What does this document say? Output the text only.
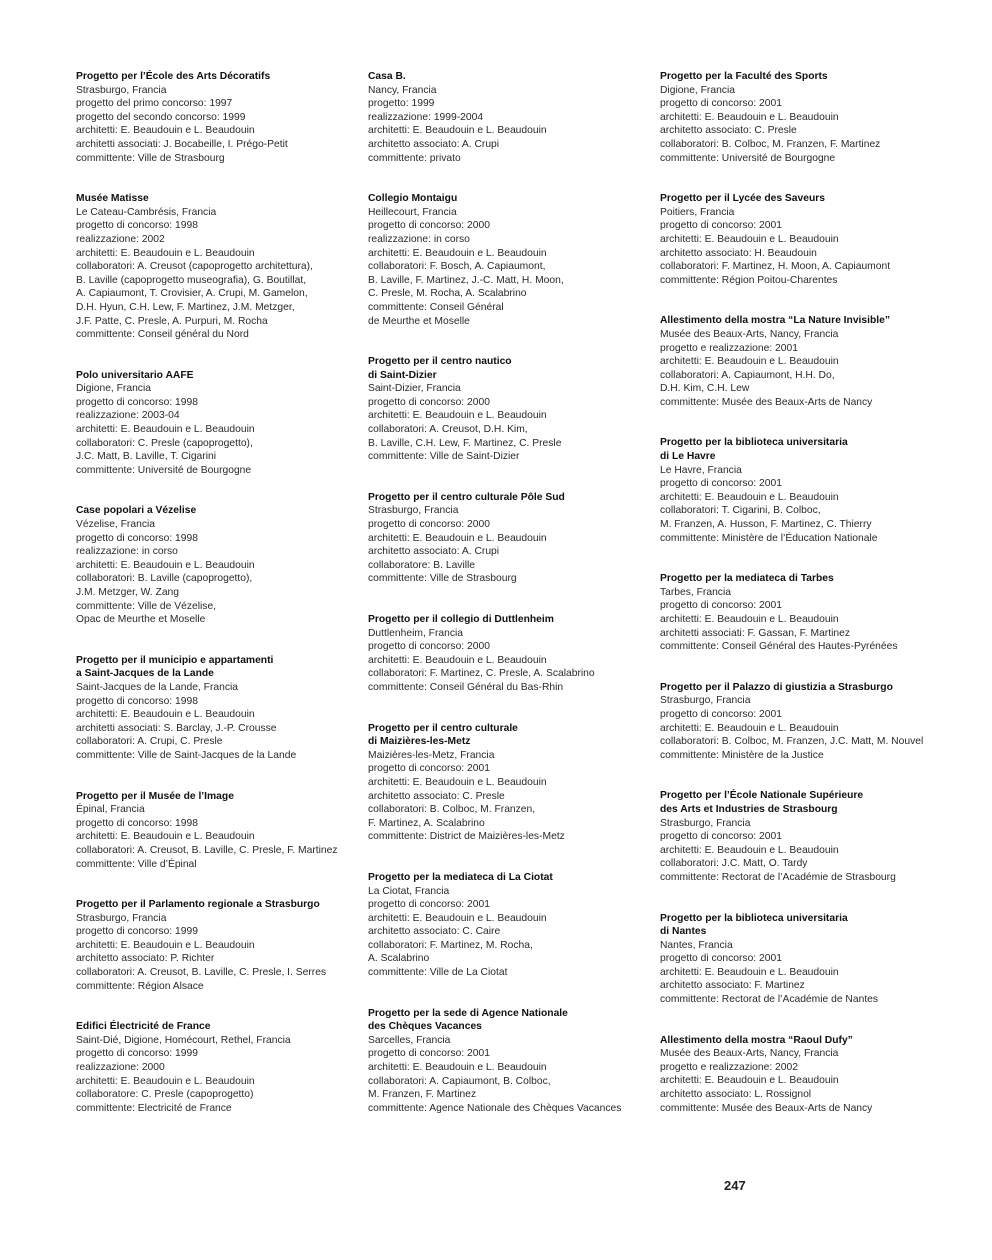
Progetto per l’École des Arts Décoratifs
Strasburgo, Francia
progetto del primo concorso: 1997
progetto del secondo concorso: 1999
architetti: E. Beaudouin e L. Beaudouin
architetti associati: J. Bocabeille, I. Prégo-Petit
committente: Ville de Strasbourg
Musée Matisse
Le Cateau-Cambrésis, Francia
progetto di concorso: 1998
realizzazione: 2002
architetti: E. Beaudouin e L. Beaudouin
collaboratori: A. Creusot (capoprogetto architettura),
B. Laville (capoprogetto museografia), G. Boutillat,
A. Capiaumont, T. Crovisier, A. Crupi, M. Gamelon,
D.H. Hyun, C.H. Lew, F. Martinez, J.M. Metzger,
J.F. Patte, C. Presle, A. Purpuri, M. Rocha
committente: Conseil général du Nord
Polo universitario AAFE
Digione, Francia
progetto di concorso: 1998
realizzazione: 2003-04
architetti: E. Beaudouin e L. Beaudouin
collaboratori: C. Presle (capoprogetto),
J.C. Matt, B. Laville, T. Cigarini
committente: Université de Bourgogne
Case popolari a Vézelise
Vézelise, Francia
progetto di concorso: 1998
realizzazione: in corso
architetti: E. Beaudouin e L. Beaudouin
collaboratori: B. Laville (capoprogetto),
J.M. Metzger, W. Zang
committente: Ville de Vézelise,
Opac de Meurthe et Moselle
Progetto per il municipio e appartamenti
a Saint-Jacques de la Lande
Saint-Jacques de la Lande, Francia
progetto di concorso: 1998
architetti: E. Beaudouin e L. Beaudouin
architetti associati: S. Barclay, J.-P. Crousse
collaboratori: A. Crupi, C. Presle
committente: Ville de Saint-Jacques de la Lande
Progetto per il Musée de l’Image
Épinal, Francia
progetto di concorso: 1998
architetti: E. Beaudouin e L. Beaudouin
collaboratori: A. Creusot, B. Laville, C. Presle, F. Martinez
committente: Ville d’Épinal
Progetto per il Parlamento regionale a Strasburgo
Strasburgo, Francia
progetto di concorso: 1999
architetti: E. Beaudouin e L. Beaudouin
architetto associato: P. Richter
collaboratori: A. Creusot, B. Laville, C. Presle, I. Serres
committente: Région Alsace
Edifici Électricité de France
Saint-Dié, Digione, Homécourt, Rethel, Francia
progetto di concorso: 1999
realizzazione: 2000
architetti: E. Beaudouin e L. Beaudouin
collaboratore: C. Presle (capoprogetto)
committente: Electricité de France
Casa B.
Nancy, Francia
progetto: 1999
realizzazione: 1999-2004
architetti: E. Beaudouin e L. Beaudouin
architetto associato: A. Crupi
committente: privato
Collegio Montaigu
Heillecourt, Francia
progetto di concorso: 2000
realizzazione: in corso
architetti: E. Beaudouin e L. Beaudouin
collaboratori: F. Bosch, A. Capiaumont,
B. Laville, F. Martinez, J.-C. Matt, H. Moon,
C. Presle, M. Rocha, A. Scalabrino
committente: Conseil Général
de Meurthe et Moselle
Progetto per il centro nautico
di Saint-Dizier
Saint-Dizier, Francia
progetto di concorso: 2000
architetti: E. Beaudouin e L. Beaudouin
collaboratori: A. Creusot, D.H. Kim,
B. Laville, C.H. Lew, F. Martinez, C. Presle
committente: Ville de Saint-Dizier
Progetto per il centro culturale Pôle Sud
Strasburgo, Francia
progetto di concorso: 2000
architetti: E. Beaudouin e L. Beaudouin
architetto associato: A. Crupi
collaboratore: B. Laville
committente: Ville de Strasbourg
Progetto per il collegio di Duttlenheim
Duttlenheim, Francia
progetto di concorso: 2000
architetti: E. Beaudouin e L. Beaudouin
collaboratori: F. Martinez, C. Presle, A. Scalabrino
committente: Conseil Général du Bas-Rhin
Progetto per il centro culturale
di Maizières-les-Metz
Maizières-les-Metz, Francia
progetto di concorso: 2001
architetti: E. Beaudouin e L. Beaudouin
architetto associato: C. Presle
collaboratori: B. Colboc, M. Franzen,
F. Martinez, A. Scalabrino
committente: District de Maizières-les-Metz
Progetto per la mediateca di La Ciotat
La Ciotat, Francia
progetto di concorso: 2001
architetti: E. Beaudouin e L. Beaudouin
architetto associato: C. Caire
collaboratori: F. Martinez, M. Rocha,
A. Scalabrino
committente: Ville de La Ciotat
Progetto per la sede di Agence Nationale
des Chèques Vacances
Sarcelles, Francia
progetto di concorso: 2001
architetti: E. Beaudouin e L. Beaudouin
collaboratori: A. Capiaumont, B. Colboc,
M. Franzen, F. Martinez
committente: Agence Nationale des Chèques Vacances
Progetto per la Faculté des Sports
Digione, Francia
progetto di concorso: 2001
architetti: E. Beaudouin e L. Beaudouin
architetto associato: C. Presle
collaboratori: B. Colboc, M. Franzen, F. Martinez
committente: Université de Bourgogne
Progetto per il Lycée des Saveurs
Poitiers, Francia
progetto di concorso: 2001
architetti: E. Beaudouin e L. Beaudouin
architetto associato: H. Beaudouin
collaboratori: F. Martinez, H. Moon, A. Capiaumont
committente: Région Poitou-Charentes
Allestimento della mostra “La Nature Invisible”
Musée des Beaux-Arts, Nancy, Francia
progetto e realizzazione: 2001
architetti: E. Beaudouin e L. Beaudouin
collaboratori: A. Capiaumont, H.H. Do,
D.H. Kim, C.H. Lew
committente: Musée des Beaux-Arts de Nancy
Progetto per la biblioteca universitaria
di Le Havre
Le Havre, Francia
progetto di concorso: 2001
architetti: E. Beaudouin e L. Beaudouin
collaboratori: T. Cigarini, B. Colboc,
M. Franzen, A. Husson, F. Martinez, C. Thierry
committente: Ministère de l’Éducation Nationale
Progetto per la mediateca di Tarbes
Tarbes, Francia
progetto di concorso: 2001
architetti: E. Beaudouin e L. Beaudouin
architetti associati: F. Gassan, F. Martinez
committente: Conseil Général des Hautes-Pyrénées
Progetto per il Palazzo di giustizia a Strasburgo
Strasburgo, Francia
progetto di concorso: 2001
architetti: E. Beaudouin e L. Beaudouin
collaboratori: B. Colboc, M. Franzen, J.C. Matt, M. Nouvel
committente: Ministère de la Justice
Progetto per l’École Nationale Supérieure
des Arts et Industries de Strasbourg
Strasburgo, Francia
progetto di concorso: 2001
architetti: E. Beaudouin e L. Beaudouin
collaboratori: J.C. Matt, O. Tardy
committente: Rectorat de l’Académie de Strasbourg
Progetto per la biblioteca universitaria
di Nantes
Nantes, Francia
progetto di concorso: 2001
architetti: E. Beaudouin e L. Beaudouin
architetto associato: F. Martinez
committente: Rectorat de l’Académie de Nantes
Allestimento della mostra “Raoul Dufy”
Musée des Beaux-Arts, Nancy, Francia
progetto e realizzazione: 2002
architetti: E. Beaudouin e L. Beaudouin
architetto associato: L. Rossignol
committente: Musée des Beaux-Arts de Nancy
247
